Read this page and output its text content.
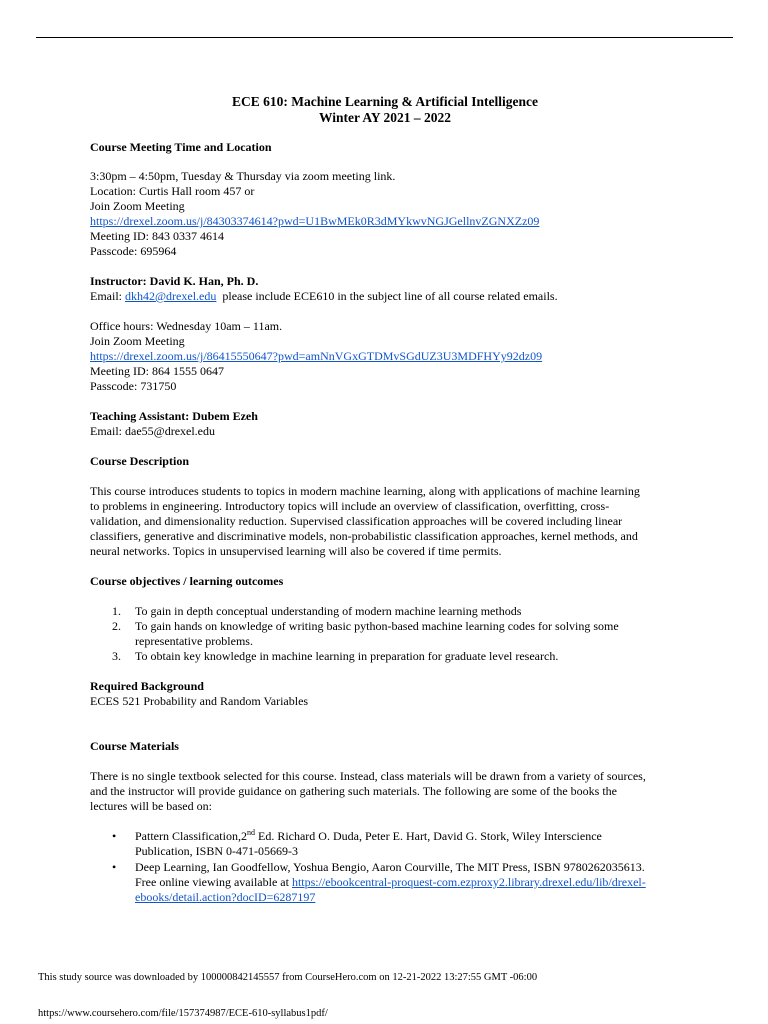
ECE 610: Machine Learning & Artificial Intelligence
Winter AY 2021 – 2022
Course Meeting Time and Location
3:30pm – 4:50pm, Tuesday & Thursday via zoom meeting link.
Location: Curtis Hall room 457 or
Join Zoom Meeting
https://drexel.zoom.us/j/84303374614?pwd=U1BwMEk0R3dMYkwvNGJGellnvZGNXZz09
Meeting ID: 843 0337 4614
Passcode: 695964
Instructor: David K. Han, Ph. D.
Email: dkh42@drexel.edu  please include ECE610 in the subject line of all course related emails.
Office hours: Wednesday 10am – 11am.
Join Zoom Meeting
https://drexel.zoom.us/j/86415550647?pwd=amNnVGxGTDMvSGdUZ3U3MDFHYy92dz09
Meeting ID: 864 1555 0647
Passcode: 731750
Teaching Assistant: Dubem Ezeh
Email: dae55@drexel.edu
Course Description
This course introduces students to topics in modern machine learning, along with applications of machine learning
to problems in engineering. Introductory topics will include an overview of classification, overfitting, cross-
validation, and dimensionality reduction. Supervised classification approaches will be covered including linear
classifiers, generative and discriminative models, non-probabilistic classification approaches, kernel methods, and
neural networks. Topics in unsupervised learning will also be covered if time permits.
Course objectives / learning outcomes
1. To gain in depth conceptual understanding of modern machine learning methods
2. To gain hands on knowledge of writing basic python-based machine learning codes for solving some
representative problems.
3. To obtain key knowledge in machine learning in preparation for graduate level research.
Required Background
ECES 521 Probability and Random Variables
Course Materials
There is no single textbook selected for this course. Instead, class materials will be drawn from a variety of sources,
and the instructor will provide guidance on gathering such materials. The following are some of the books the
lectures will be based on:
• Pattern Classification,2nd Ed. Richard O. Duda, Peter E. Hart, David G. Stork, Wiley Interscience
Publication, ISBN 0-471-05669-3
• Deep Learning, Ian Goodfellow, Yoshua Bengio, Aaron Courville, The MIT Press, ISBN 9780262035613.
Free online viewing available at https://ebookcentral-proquest-com.ezproxy2.library.drexel.edu/lib/drexel-
ebooks/detail.action?docID=6287197
This study source was downloaded by 100000842145557 from CourseHero.com on 12-21-2022 13:27:55 GMT -06:00
https://www.coursehero.com/file/157374987/ECE-610-syllabus1pdf/
